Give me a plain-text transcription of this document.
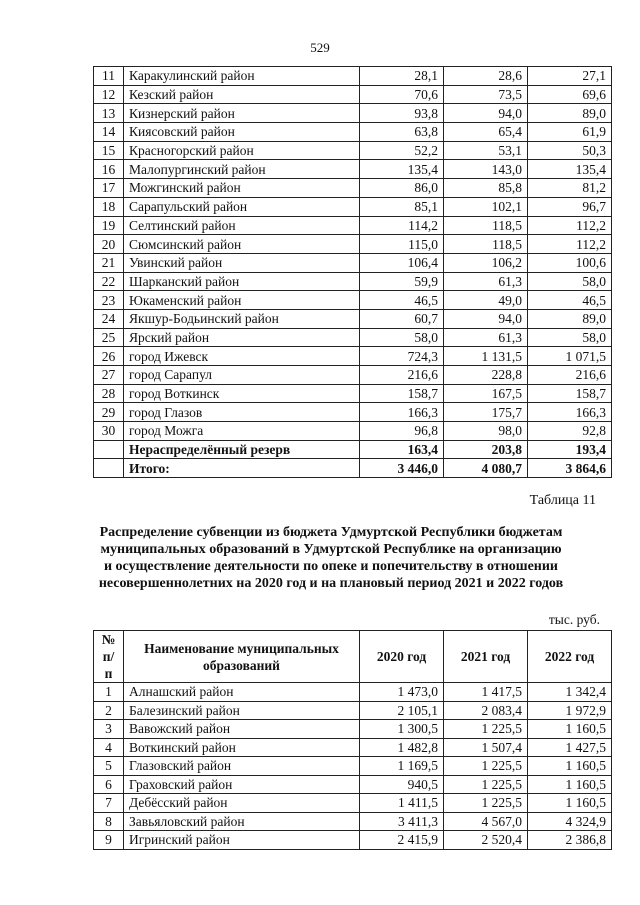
529
11	Каракулинский район	28,1	28,6	27,1
12	Кезский район	70,6	73,5	69,6
13	Кизнерский район	93,8	94,0	89,0
14	Киясовский район	63,8	65,4	61,9
15	Красногорский район	52,2	53,1	50,3
16	Малопургинский район	135,4	143,0	135,4
17	Можгинский район	86,0	85,8	81,2
18	Сарапульский район	85,1	102,1	96,7
19	Селтинский район	114,2	118,5	112,2
20	Сюмсинский район	115,0	118,5	112,2
21	Увинский район	106,4	106,2	100,6
22	Шарканский район	59,9	61,3	58,0
23	Юкаменский район	46,5	49,0	46,5
24	Якшур-Бодьинский район	60,7	94,0	89,0
25	Ярский район	58,0	61,3	58,0
26	город Ижевск	724,3	1 131,5	1 071,5
27	город Сарапул	216,6	228,8	216,6
28	город Воткинск	158,7	167,5	158,7
29	город Глазов	166,3	175,7	166,3
30	город Можга	96,8	98,0	92,8
	Нераспределённый резерв	163,4	203,8	193,4
	Итого:	3 446,0	4 080,7	3 864,6
Таблица 11
Распределение субвенции из бюджета Удмуртской Республики бюджетам муниципальных образований в Удмуртской Республике на организацию и осуществление деятельности по опеке и попечительству в отношении несовершеннолетних на 2020 год и на плановый период 2021 и 2022 годов
тыс. руб.
№ п/п	Наименование муниципальных образований	2020 год	2021 год	2022 год
1	Алнашский район	1 473,0	1 417,5	1 342,4
2	Балезинский район	2 105,1	2 083,4	1 972,9
3	Вавожский район	1 300,5	1 225,5	1 160,5
4	Воткинский район	1 482,8	1 507,4	1 427,5
5	Глазовский район	1 169,5	1 225,5	1 160,5
6	Граховский район	940,5	1 225,5	1 160,5
7	Дебёсский район	1 411,5	1 225,5	1 160,5
8	Завьяловский район	3 411,3	4 567,0	4 324,9
9	Игринский район	2 415,9	2 520,4	2 386,8
